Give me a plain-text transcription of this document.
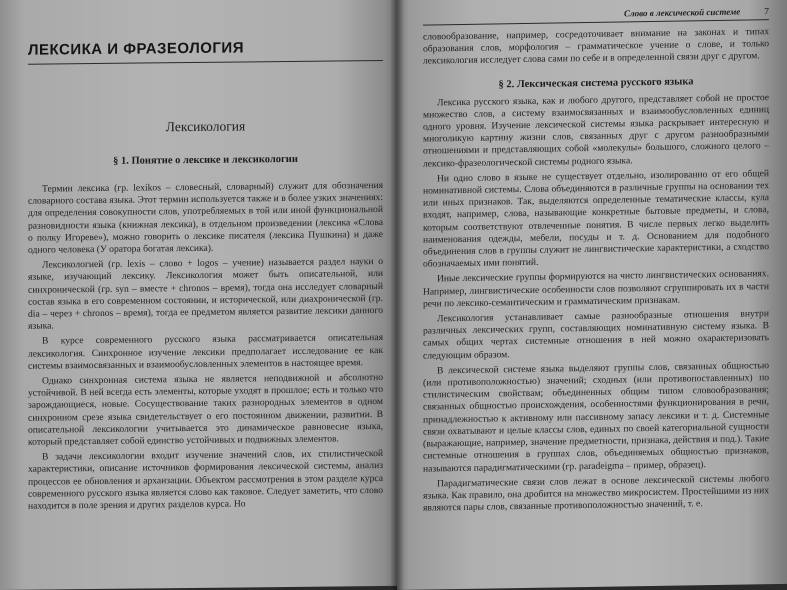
ЛЕКСИКА И ФРАЗЕОЛОГИЯ
Лексикология
§ 1. Понятие о лексике и лексикологии

Термин лексика (гр. lexikos – словесный, словарный) служит для обозначения словарного состава языка. Этот термин используется также и в более узких значениях: для определения совокупности слов, употребляемых в той или иной функциональной разновидности языка (книжная лексика), в отдельном произведении (лексика «Слова о полку Игореве»), можно говорить о лексике писателя (лексика Пушкина) и даже одного человека (У оратора богатая лексика).

Лексикологией (гр. lexis – слово + logos – учение) называется раздел науки о языке, изучающий лексику. Лексикология может быть описательной, или синхронической (гр. syn – вместе + chronos – время), тогда она исследует словарный состав языка в его современном состоянии, и исторической, или диахронической (гр. dia – через + chronos – время), тогда ее предметом является развитие лексики данного языка.

В курсе современного русского языка рассматривается описательная лексикология. Синхронное изучение лексики предполагает исследование ее как системы взаимосвязанных и взаимообусловленных элементов в настоящее время.

Однако синхронная система языка не является неподвижной и абсолютно устойчивой. В ней всегда есть элементы, которые уходят в прошлое; есть и только что зарождающиеся, новые. Сосуществование таких разнородных элементов в одном синхронном срезе языка свидетельствует о его постоянном движении, развитии. В описательной лексикологии учитывается это динамическое равновесие языка, который представляет собой единство устойчивых и подвижных элементов.

В задачи лексикологии входит изучение значений слов, их стилистической характеристики, описание источников формирования лексической системы, анализ процессов ее обновления и архаизации. Объектом рассмотрения в этом разделе курса современного русского языка является слово как таковое. Следует заметить, что слово находится в поле зрения и других разделов курса. Но

Слово в лексической системе	7

словообразование, например, сосредоточивает внимание на законах и типах образования слов, морфология – грамматическое учение о слове, и только лексикология исследует слова сами по себе и в определенной связи друг с другом.

§ 2. Лексическая система русского языка

Лексика русского языка, как и любого другого, представляет собой не простое множество слов, а систему взаимосвязанных и взаимообусловленных единиц одного уровня. Изучение лексической системы языка раскрывает интересную и многоликую картину жизни слов, связанных друг с другом разнообразными отношениями и представляющих собой «молекулы» большого, сложного целого – лексико-фразеологической системы родного языка.

Ни одно слово в языке не существует отдельно, изолированно от его общей номинативной системы. Слова объединяются в различные группы на основании тех или иных признаков. Так, выделяются определенные тематические классы, кула входят, например, слова, называющие конкретные бытовые предметы, и слова, которым соответствуют отвлеченные понятия. В числе первых легко выделить наименования одежды, мебели, посуды и т. д. Основанием для подобного объединения слов в группы служит не лингвистические характеристики, а сходство обозначаемых ими понятий.

Иные лексические группы формируются на чисто лингвистических основаниях. Например, лингвистические особенности слов позволяют сгруппировать их в части речи по лексико-семантическим и грамматическим признакам.

Лексикология устанавливает самые разнообразные отношения внутри различных лексических групп, составляющих номинативную систему языка. В самых общих чертах системные отношения в ней можно охарактеризовать следующим образом.

В лексической системе языка выделяют группы слов, связанных общностью (или противоположностью) значений; сходных (или противопоставленных) по стилистическим свойствам; объединенных общим типом словообразования; связанных общностью происхождения, особенностями функционирования в речи, принадлежностью к активному или пассивному запасу лексики и т. д. Системные связи охватывают и целые классы слов, единых по своей категориальной сущности (выражающие, например, значение предметности, признака, действия и под.). Такие системные отношения в группах слов, объединяемых общностью признаков, называются парадигматическими (гр. paradeigma – пример, образец).

Парадигматические связи слов лежат в основе лексической системы любого языка. Как правило, она дробится на множество микросистем. Простейшими из них являются пары слов, связанные противоположностью значений, т. е.
